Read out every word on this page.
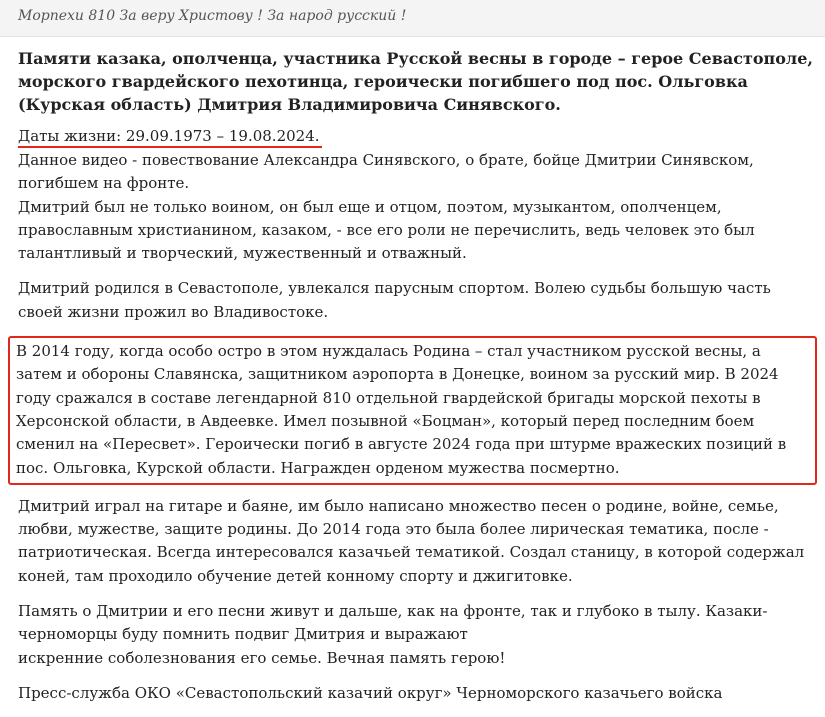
Морпехи 810 За веру Христову ! За народ русский !
Памяти казака, ополченца, участника Русской весны в городе – герое Севастополе, морского гвардейского пехотинца, героически погибшего под пос. Ольговка (Курская область) Дмитрия Владимировича Синявского.
Даты жизни: 29.09.1973 – 19.08.2024.

Данное видео - повествование Александра Синявского, о брате, бойце Дмитрии Синявском, погибшем на фронте.
Дмитрий был не только воином, он был еще и отцом, поэтом, музыкантом, ополченцем, православным христианином, казаком, - все его роли не перечислить, ведь человек это был талантливый и творческий, мужественный и отважный.

Дмитрий родился в Севастополе, увлекался парусным спортом. Волею судьбы большую часть своей жизни прожил во Владивостоке.

В 2014 году, когда особо остро в этом нуждалась Родина – стал участником русской весны, а затем и обороны Славянска, защитником аэропорта в Донецке, воином за русский мир. В 2024 году сражался в составе легендарной 810 отдельной гвардейской бригады морской пехоты в Херсонской области, в Авдеевке. Имел позывной «Боцман», который перед последним боем сменил на «Пересвет». Героически погиб в августе 2024 года при штурме вражеских позиций в пос. Ольговка, Курской области. Награжден орденом мужества посмертно.

Дмитрий играл на гитаре и баяне, им было написано множество песен о родине, войне, семье, любви, мужестве, защите родины. До 2014 года это была более лирическая тематика, после - патриотическая. Всегда интересовался казачьей тематикой. Создал станицу, в которой содержал коней, там проходило обучение детей конному спорту и джигитовке.

Память о Дмитрии и его песни живут и дальше, как на фронте, так и глубоко в тылу. Казаки-черноморцы буду помнить подвиг Дмитрия и выражают
искренние соболезнования его семье. Вечная память герою!

Пресс-служба ОКО «Севастопольский казачий округ» Черноморского казачьего войска
